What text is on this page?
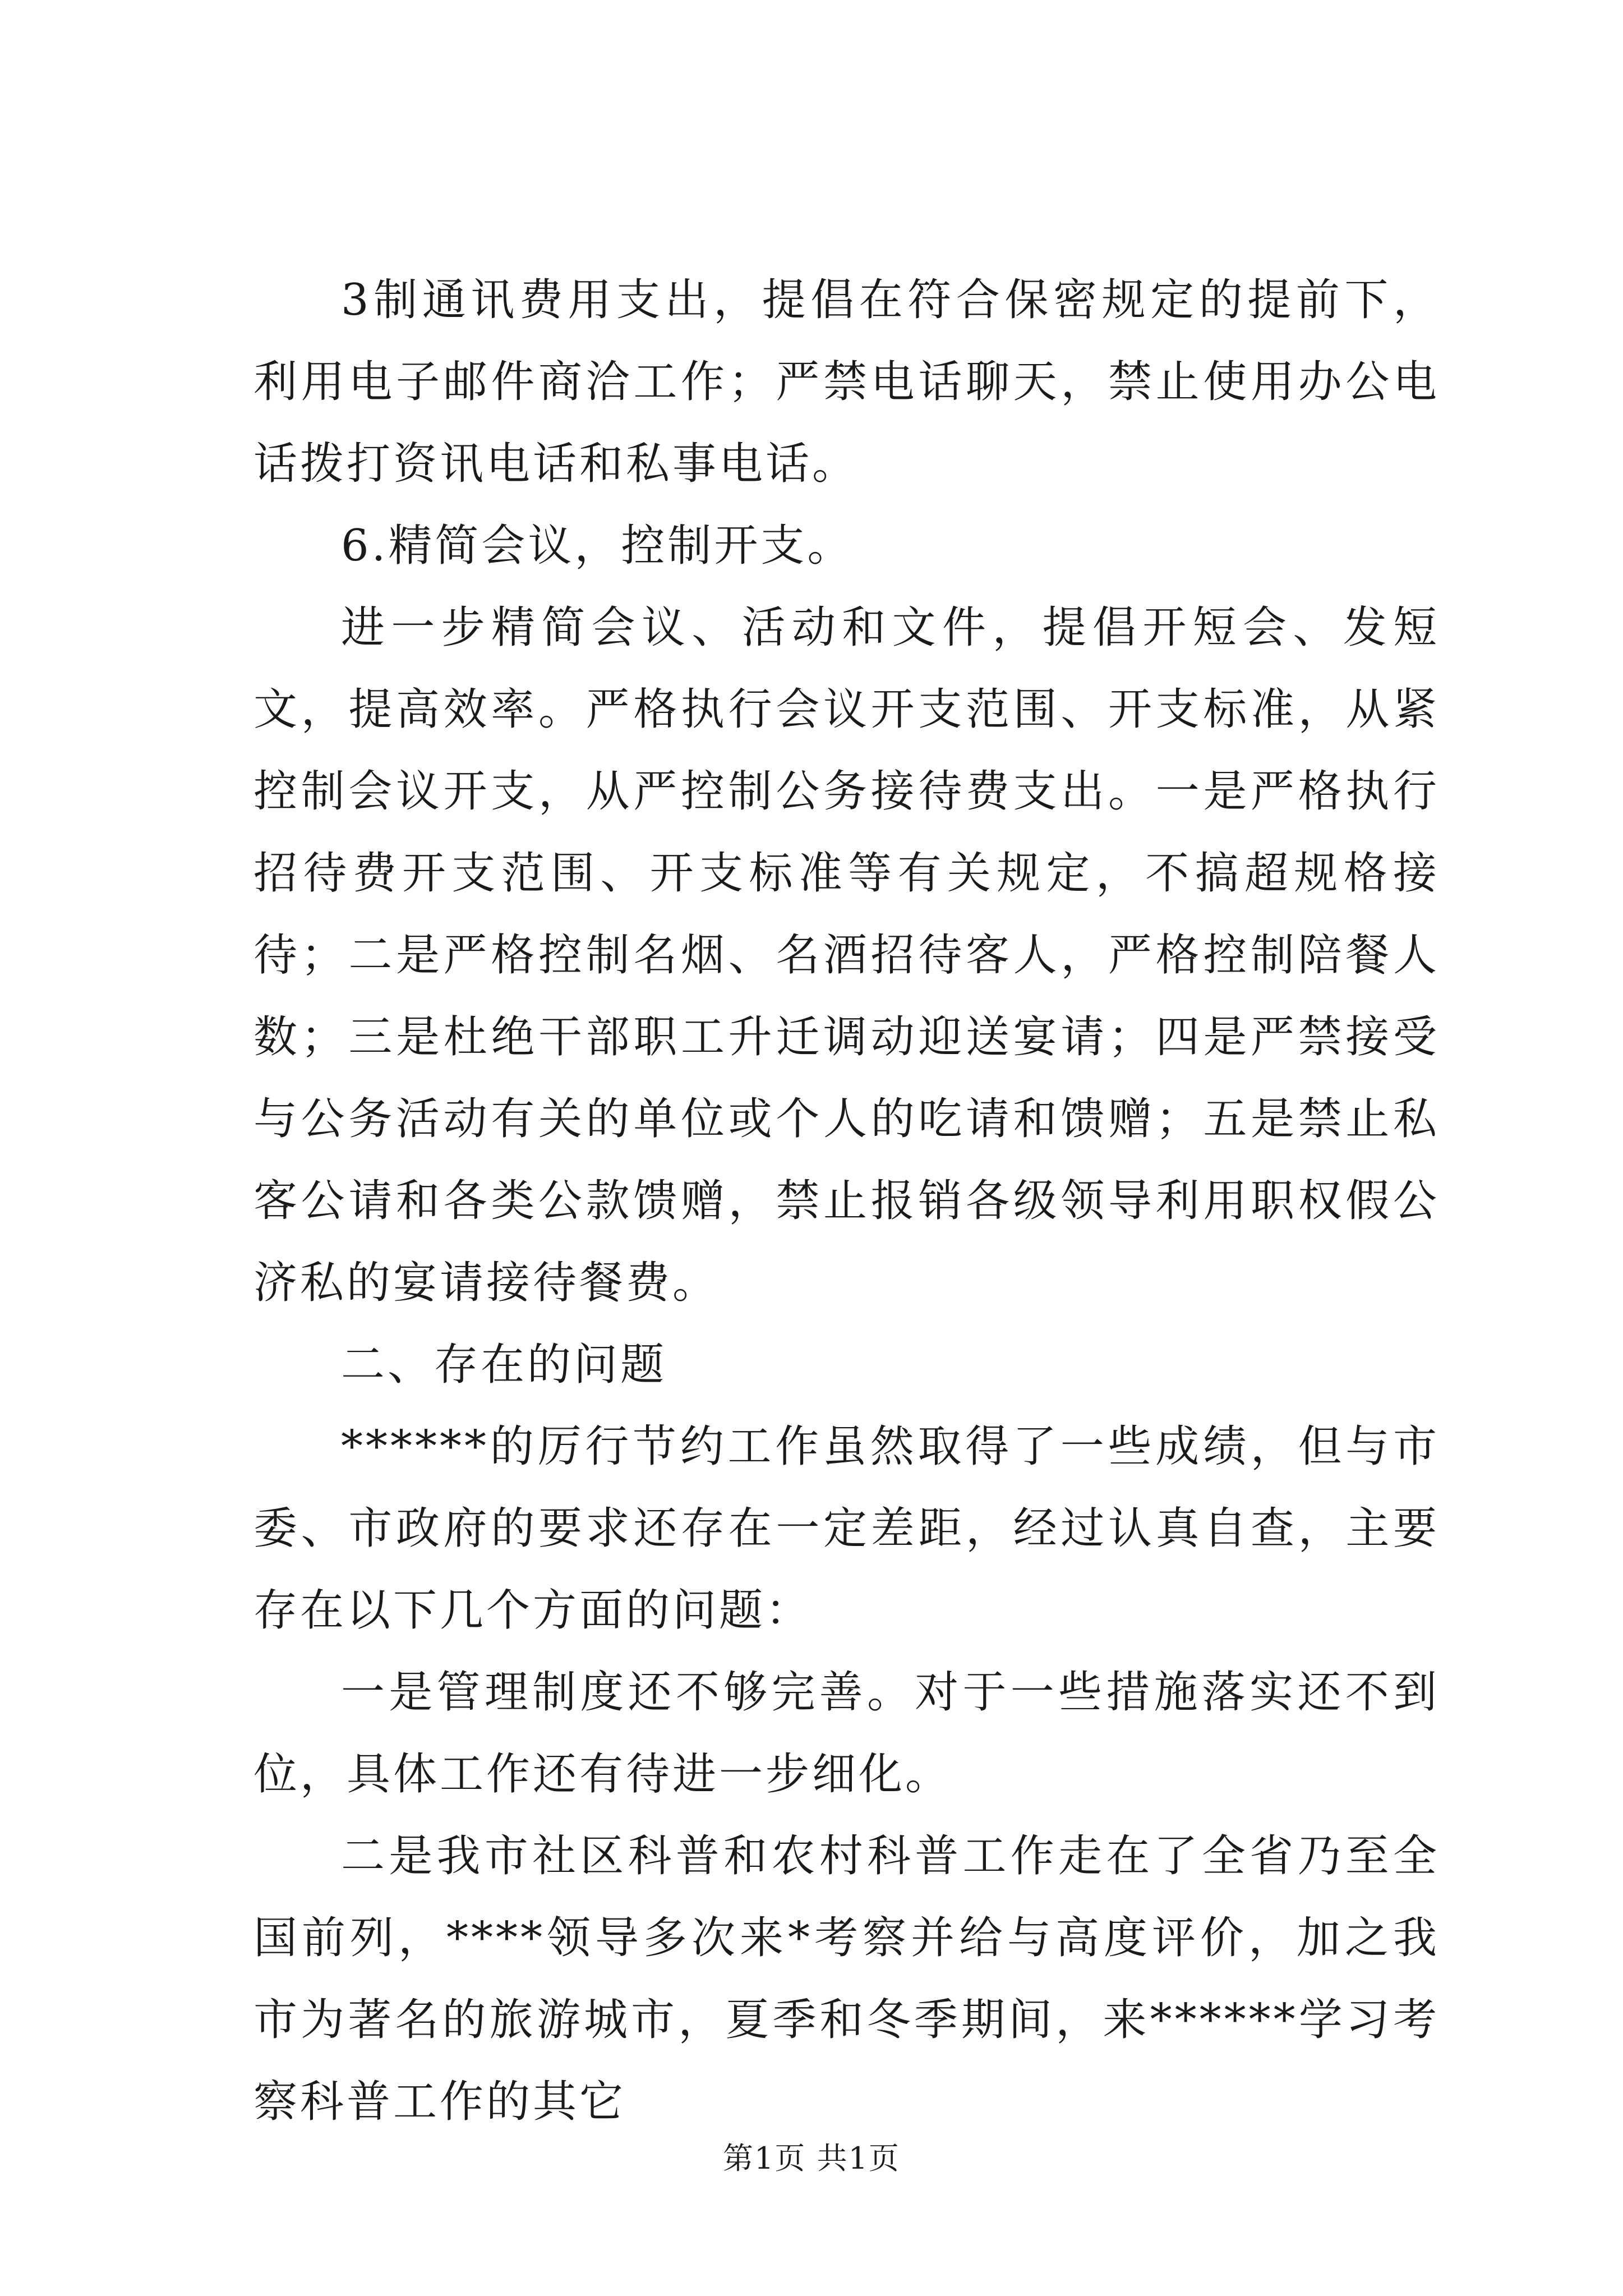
3制通讯费用支出，提倡在符合保密规定的提前下，利用电子邮件商洽工作；严禁电话聊天，禁止使用办公电话拨打资讯电话和私事电话。

6.精简会议，控制开支。

进一步精简会议、活动和文件，提倡开短会、发短文，提高效率。严格执行会议开支范围、开支标准，从紧控制会议开支，从严控制公务接待费支出。一是严格执行招待费开支范围、开支标准等有关规定，不搞超规格接待；二是严格控制名烟、名酒招待客人，严格控制陪餐人数；三是杜绝干部职工升迁调动迎送宴请；四是严禁接受与公务活动有关的单位或个人的吃请和馈赠；五是禁止私客公请和各类公款馈赠，禁止报销各级领导利用职权假公济私的宴请接待餐费。

二、存在的问题

******的厉行节约工作虽然取得了一些成绩，但与市委、市政府的要求还存在一定差距，经过认真自查，主要存在以下几个方面的问题：

一是管理制度还不够完善。对于一些措施落实还不到位，具体工作还有待进一步细化。

二是我市社区科普和农村科普工作走在了全省乃至全国前列，****领导多次来*考察并给与高度评价，加之我市为著名的旅游城市，夏季和冬季期间，来******学习考察科普工作的其它

第1页 共1页
